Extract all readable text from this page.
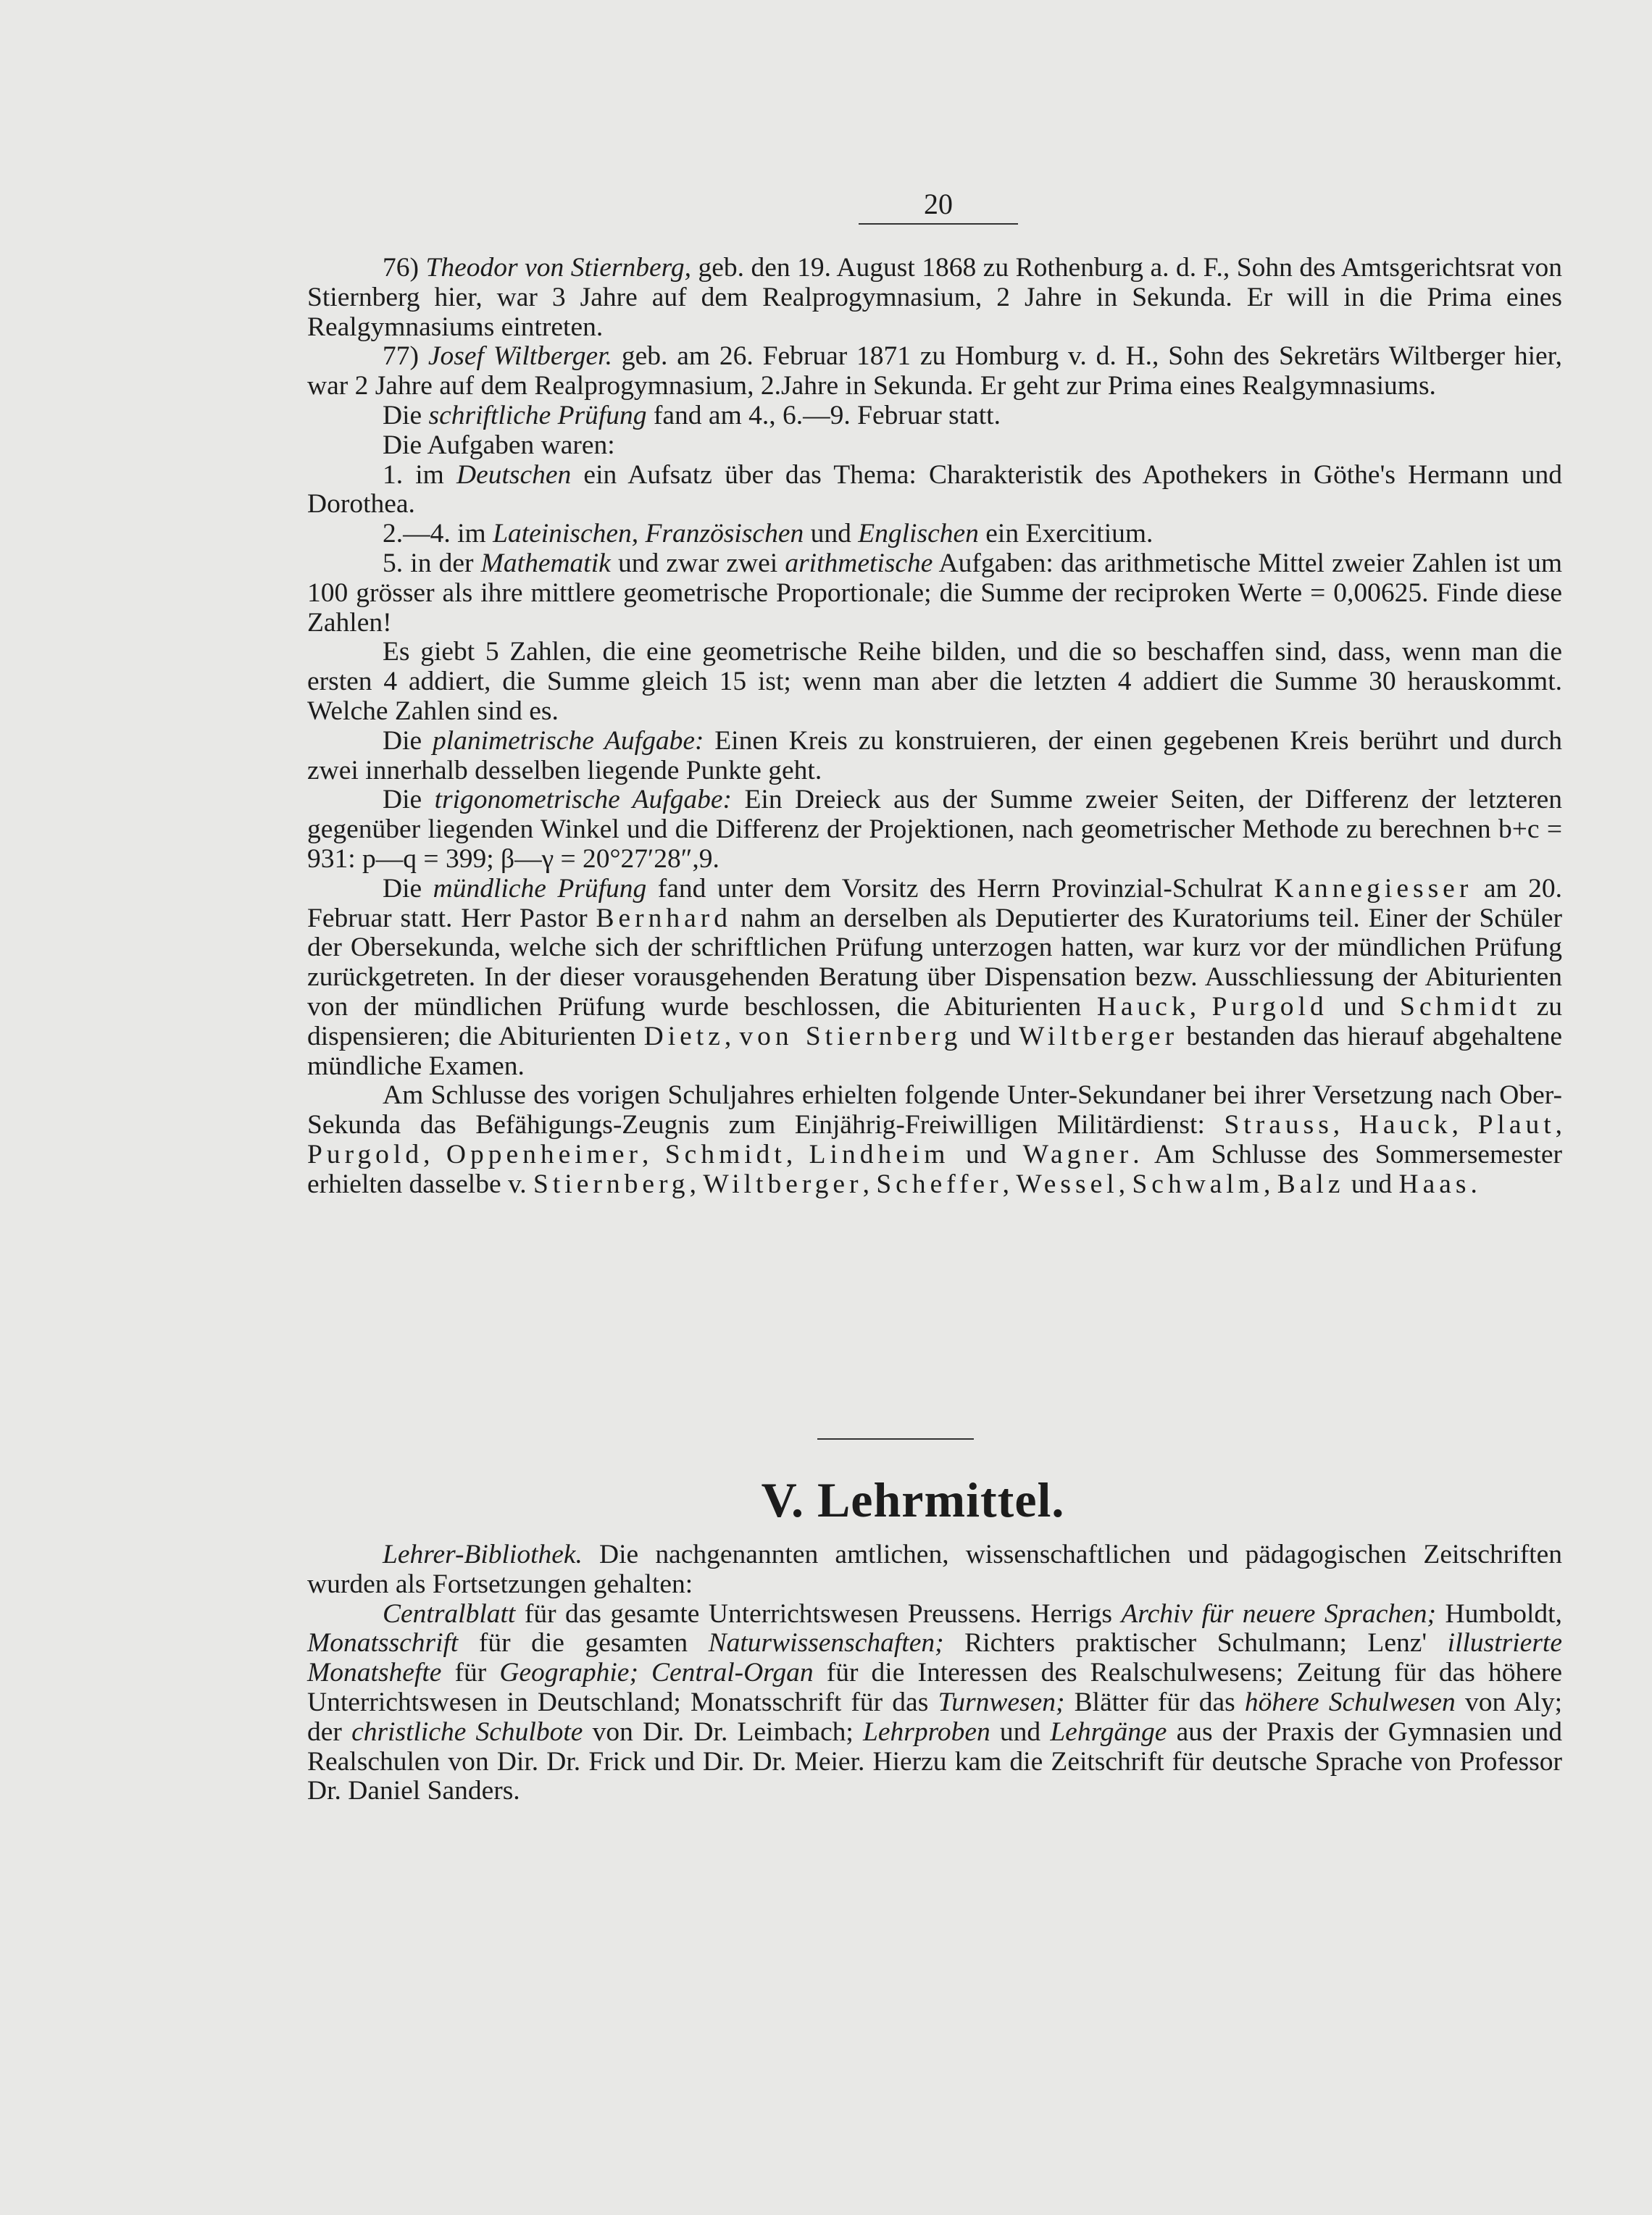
20

76) Theodor von Stiernberg, geb. den 19. August 1868 zu Rothenburg a. d. F., Sohn des Amtsgerichtsrat von Stiernberg hier, war 3 Jahre auf dem Realprogymnasium, 2 Jahre in Sekunda. Er will in die Prima eines Realgymnasiums eintreten.

77) Josef Wiltberger. geb. am 26. Februar 1871 zu Homburg v. d. H., Sohn des Sekretärs Wiltberger hier, war 2 Jahre auf dem Realprogymnasium, 2.Jahre in Sekunda. Er geht zur Prima eines Realgymnasiums.

Die schriftliche Prüfung fand am 4., 6.—9. Februar statt.

Die Aufgaben waren:

1. im Deutschen ein Aufsatz über das Thema: Charakteristik des Apothekers in Göthe's Hermann und Dorothea.

2.—4. im Lateinischen, Französischen und Englischen ein Exercitium.

5. in der Mathematik und zwar zwei arithmetische Aufgaben: das arithmetische Mittel zweier Zahlen ist um 100 grösser als ihre mittlere geometrische Proportionale; die Summe der reciproken Werte = 0,00625. Finde diese Zahlen!

Es giebt 5 Zahlen, die eine geometrische Reihe bilden, und die so beschaffen sind, dass, wenn man die ersten 4 addiert, die Summe gleich 15 ist; wenn man aber die letzten 4 addiert die Summe 30 herauskommt. Welche Zahlen sind es.

Die planimetrische Aufgabe: Einen Kreis zu konstruieren, der einen gegebenen Kreis berührt und durch zwei innerhalb desselben liegende Punkte geht.

Die trigonometrische Aufgabe: Ein Dreieck aus der Summe zweier Seiten, der Differenz der letzteren gegenüber liegenden Winkel und die Differenz der Projektionen, nach geometrischer Methode zu berechnen b+c = 931: p—q = 399; β—γ = 20°27′28″,9.

Die mündliche Prüfung fand unter dem Vorsitz des Herrn Provinzial-Schulrat Kannegiesser am 20. Februar statt. Herr Pastor Bernhard nahm an derselben als Deputierter des Kuratoriums teil. Einer der Schüler der Obersekunda, welche sich der schriftlichen Prüfung unterzogen hatten, war kurz vor der mündlichen Prüfung zurückgetreten. In der dieser vorausgehenden Beratung über Dispensation bezw. Ausschliessung der Abiturienten von der mündlichen Prüfung wurde beschlossen, die Abiturienten Hauck, Purgold und Schmidt zu dispensieren; die Abiturienten Dietz, von Stiernberg und Wiltberger bestanden das hierauf abgehaltene mündliche Examen.

Am Schlusse des vorigen Schuljahres erhielten folgende Unter-Sekundaner bei ihrer Versetzung nach Ober-Sekunda das Befähigungs-Zeugnis zum Einjährig-Freiwilligen Militärdienst: Strauss, Hauck, Plaut, Purgold, Oppenheimer, Schmidt, Lindheim und Wagner. Am Schlusse des Sommersemester erhielten dasselbe v. Stiernberg, Wiltberger, Scheffer, Wessel, Schwalm, Balz und Haas.

V. Lehrmittel.

Lehrer-Bibliothek. Die nachgenannten amtlichen, wissenschaftlichen und pädagogischen Zeitschriften wurden als Fortsetzungen gehalten:

Centralblatt für das gesamte Unterrichtswesen Preussens. Herrigs Archiv für neuere Sprachen; Humboldt, Monatsschrift für die gesamten Naturwissenschaften; Richters praktischer Schulmann; Lenz' illustrierte Monatshefte für Geographie; Central-Organ für die Interessen des Realschulwesens; Zeitung für das höhere Unterrichtswesen in Deutschland; Monatsschrift für das Turnwesen; Blätter für das höhere Schulwesen von Aly; der christliche Schulbote von Dir. Dr. Leimbach; Lehrproben und Lehrgänge aus der Praxis der Gymnasien und Realschulen von Dir. Dr. Frick und Dir. Dr. Meier. Hierzu kam die Zeitschrift für deutsche Sprache von Professor Dr. Daniel Sanders.
